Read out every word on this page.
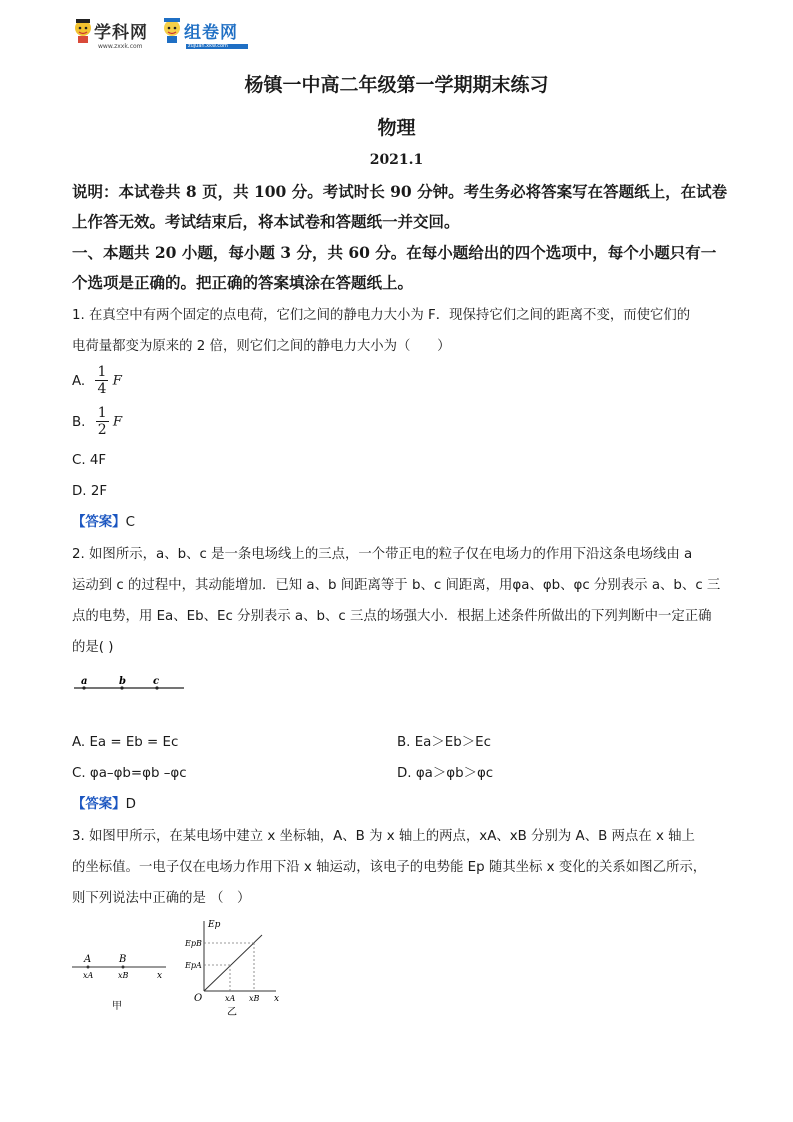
学科网
www.zxxk.com
组卷网
zujuan.xkw.com
杨镇一中高二年级第一学期期末练习
物理
2021.1
说明：本试卷共 8 页，共 100 分。考试时长 90 分钟。考生务必将答案写在答题纸上，在试卷
上作答无效。考试结束后，将本试卷和答题纸一并交回。
一、本题共 20 小题，每小题 3 分，共 60 分。在每小题给出的四个选项中，每个小题只有一
个选项是正确的。把正确的答案填涂在答题纸上。
1. 在真空中有两个固定的点电荷，它们之间的静电力大小为 F．现保持它们之间的距离不变，而使它们的
电荷量都变为原来的 2 倍，则它们之间的静电力大小为（　　）
A. $\frac{1}{4}$ F
B. $\frac{1}{2}$ F
C. 4F
D. 2F
【答案】C
2. 如图所示，a、b、c 是一条电场线上的三点，一个带正电的粒子仅在电场力的作用下沿这条电场线由 a
运动到 c 的过程中，其动能增加．已知 a、b 间距离等于 b、c 间距离，用φa、φb、φc 分别表示 a、b、c 三
点的电势，用 Ea、Eb、Ec 分别表示 a、b、c 三点的场强大小．根据上述条件所做出的下列判断中一定正确
的是( )
a	b	c
A. Ea = Eb = Ec	B. Ea＞Eb＞Ec
C. φa–φb=φb –φc	D. φa＞φb＞φc
【答案】D
3. 如图甲所示，在某电场中建立 x 坐标轴，A、B 为 x 轴上的两点，xA、xB 分别为 A、B 两点在 x 轴上
的坐标值。一电子仅在电场力作用下沿 x 轴运动，该电子的电势能 Ep 随其坐标 x 变化的关系如图乙所示，
则下列说法中正确的是 （　）
A	B
xA	xB	x
甲
Ep
EpB
EpA
O	xA xB x
乙
